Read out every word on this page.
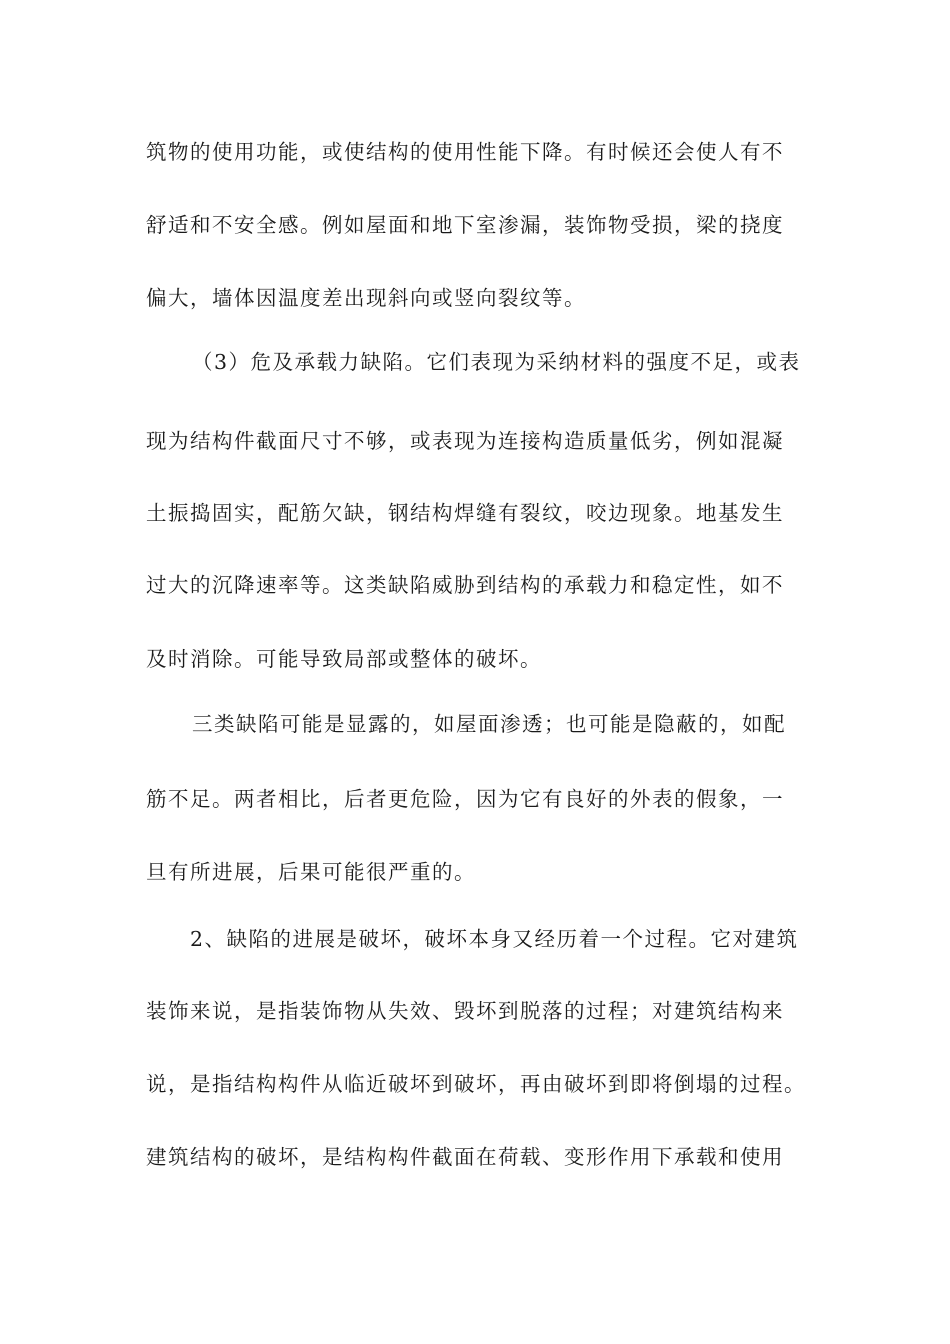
筑物的使用功能，或使结构的使用性能下降。有时候还会使人有不
舒适和不安全感。例如屋面和地下室渗漏，装饰物受损，梁的挠度
偏大，墙体因温度差出现斜向或竖向裂纹等。
（3）危及承载力缺陷。它们表现为采纳材料的强度不足，或表
现为结构件截面尺寸不够，或表现为连接构造质量低劣，例如混凝
土振捣固实，配筋欠缺，钢结构焊缝有裂纹，咬边现象。地基发生
过大的沉降速率等。这类缺陷威胁到结构的承载力和稳定性，如不
及时消除。可能导致局部或整体的破坏。
三类缺陷可能是显露的，如屋面渗透；也可能是隐蔽的，如配
筋不足。两者相比，后者更危险，因为它有良好的外表的假象，一
旦有所进展，后果可能很严重的。
2、缺陷的进展是破坏，破坏本身又经历着一个过程。它对建筑
装饰来说，是指装饰物从失效、毁坏到脱落的过程；对建筑结构来
说，是指结构构件从临近破坏到破坏，再由破坏到即将倒塌的过程。
建筑结构的破坏，是结构构件截面在荷载、变形作用下承载和使用
